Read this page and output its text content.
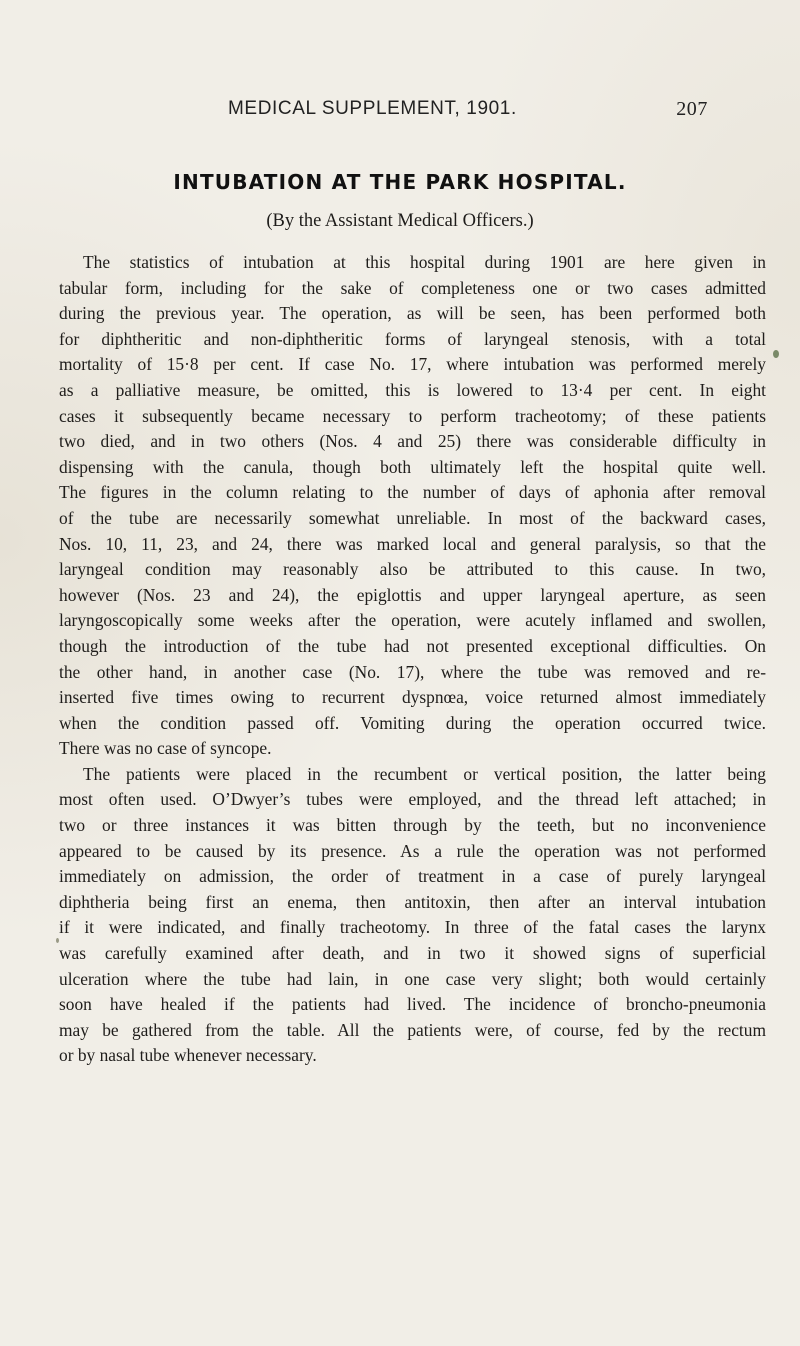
MEDICAL SUPPLEMENT, 1901.	207
INTUBATION AT THE PARK HOSPITAL.
(By the Assistant Medical Officers.)

The statistics of intubation at this hospital during 1901 are here given in
tabular form, including for the sake of completeness one or two cases admitted
during the previous year. The operation, as will be seen, has been performed both
for diphtheritic and non-diphtheritic forms of laryngeal stenosis, with a total
mortality of 15·8 per cent. If case No. 17, where intubation was performed merely
as a palliative measure, be omitted, this is lowered to 13·4 per cent. In eight
cases it subsequently became necessary to perform tracheotomy; of these patients
two died, and in two others (Nos. 4 and 25) there was considerable difficulty in
dispensing with the canula, though both ultimately left the hospital quite well.
The figures in the column relating to the number of days of aphonia after removal
of the tube are necessarily somewhat unreliable. In most of the backward cases,
Nos. 10, 11, 23, and 24, there was marked local and general paralysis, so that the
laryngeal condition may reasonably also be attributed to this cause. In two,
however (Nos. 23 and 24), the epiglottis and upper laryngeal aperture, as seen
laryngoscopically some weeks after the operation, were acutely inflamed and swollen,
though the introduction of the tube had not presented exceptional difficulties. On
the other hand, in another case (No. 17), where the tube was removed and re-
inserted five times owing to recurrent dyspnœa, voice returned almost immediately
when the condition passed off. Vomiting during the operation occurred twice.
There was no case of syncope.

The patients were placed in the recumbent or vertical position, the latter being
most often used. O’Dwyer’s tubes were employed, and the thread left attached; in
two or three instances it was bitten through by the teeth, but no inconvenience
appeared to be caused by its presence. As a rule the operation was not performed
immediately on admission, the order of treatment in a case of purely laryngeal
diphtheria being first an enema, then antitoxin, then after an interval intubation
if it were indicated, and finally tracheotomy. In three of the fatal cases the larynx
was carefully examined after death, and in two it showed signs of superficial
ulceration where the tube had lain, in one case very slight; both would certainly
soon have healed if the patients had lived. The incidence of broncho-pneumonia
may be gathered from the table. All the patients were, of course, fed by the rectum
or by nasal tube whenever necessary.
